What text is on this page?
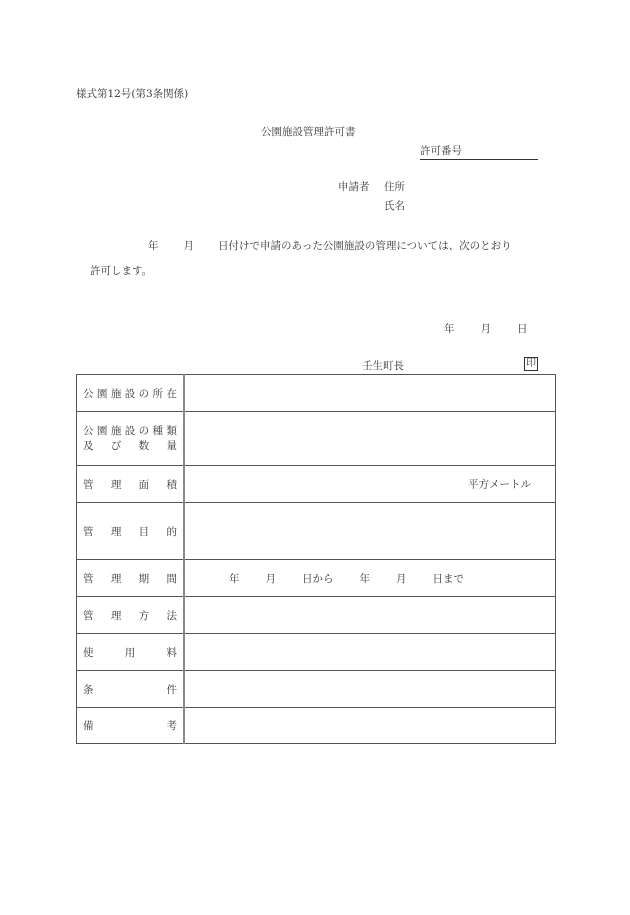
様式第12号(第3条関係)
公園施設管理許可書
許可番号
申請者 住所
氏名
年 月 日付けで申請のあった公園施設の管理については、次のとおり
許可します。
年 月 日
壬生町長	印
公 園 施 設 の 所 在

公 園 施 設 の 種 類
及 び 数 量

管 理 面 積	平方メートル

管 理 目 的	

管 理 期 間	年 月 日から 年 月 日まで

管 理 方 法	

使 用 料	

条 件	

備 考	
